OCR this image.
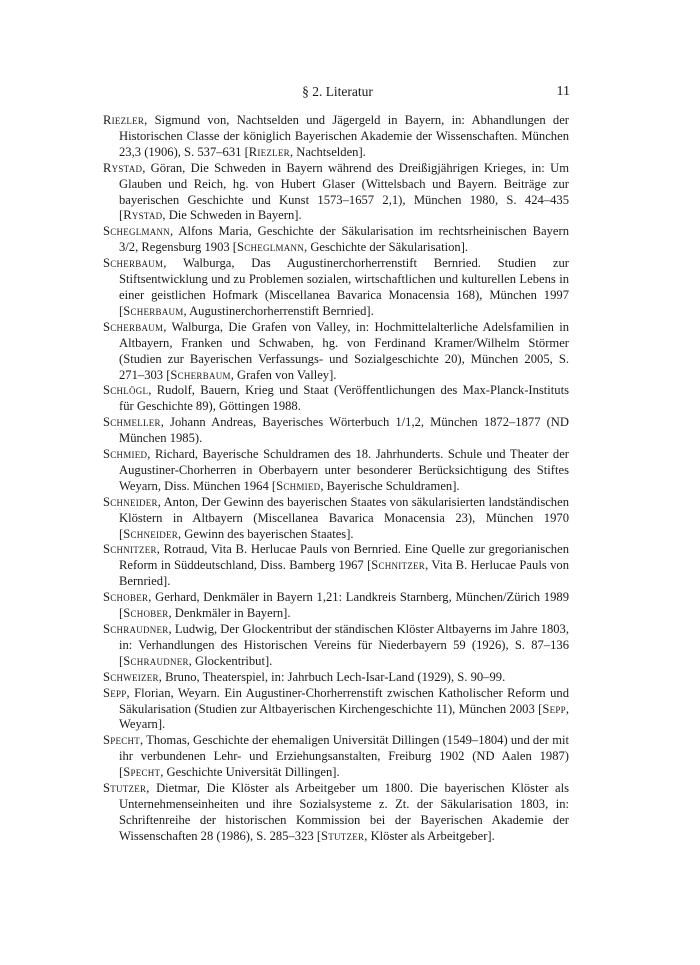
§ 2. Literatur	11

Riezler, Sigmund von, Nachtselden und Jägergeld in Bayern, in: Abhandlungen der Historischen Classe der königlich Bayerischen Akademie der Wissenschaften. München 23,3 (1906), S. 537–631 [Riezler, Nachtselden].

Rystad, Göran, Die Schweden in Bayern während des Dreißigjährigen Krieges, in: Um Glauben und Reich, hg. von Hubert Glaser (Wittelsbach und Bayern. Beiträge zur bayerischen Geschichte und Kunst 1573–1657 2,1), München 1980, S. 424–435 [Rystad, Die Schweden in Bayern].

Scheglmann, Alfons Maria, Geschichte der Säkularisation im rechtsrheinischen Bayern 3/2, Regensburg 1903 [Scheglmann, Geschichte der Säkularisation].

Scherbaum, Walburga, Das Augustinerchorherrenstift Bernried. Studien zur Stiftsentwicklung und zu Problemen sozialen, wirtschaftlichen und kulturellen Lebens in einer geistlichen Hofmark (Miscellanea Bavarica Monacensia 168), München 1997 [Scherbaum, Augustinerchorherrenstift Bernried].

Scherbaum, Walburga, Die Grafen von Valley, in: Hochmittelalterliche Adelsfamilien in Altbayern, Franken und Schwaben, hg. von Ferdinand Kramer/Wilhelm Störmer (Studien zur Bayerischen Verfassungs- und Sozialgeschichte 20), München 2005, S. 271–303 [Scherbaum, Grafen von Valley].

Schlögl, Rudolf, Bauern, Krieg und Staat (Veröffentlichungen des Max-Planck-Instituts für Geschichte 89), Göttingen 1988.

Schmeller, Johann Andreas, Bayerisches Wörterbuch 1/1,2, München 1872–1877 (ND München 1985).

Schmied, Richard, Bayerische Schuldramen des 18. Jahrhunderts. Schule und Theater der Augustiner-Chorherren in Oberbayern unter besonderer Berücksichtigung des Stiftes Weyarn, Diss. München 1964 [Schmied, Bayerische Schuldramen].

Schneider, Anton, Der Gewinn des bayerischen Staates von säkularisierten landständischen Klöstern in Altbayern (Miscellanea Bavarica Monacensia 23), München 1970 [Schneider, Gewinn des bayerischen Staates].

Schnitzer, Rotraud, Vita B. Herlucae Pauls von Bernried. Eine Quelle zur gregorianischen Reform in Süddeutschland, Diss. Bamberg 1967 [Schnitzer, Vita B. Herlucae Pauls von Bernried].

Schober, Gerhard, Denkmäler in Bayern 1,21: Landkreis Starnberg, München/Zürich 1989 [Schober, Denkmäler in Bayern].

Schraudner, Ludwig, Der Glockentribut der ständischen Klöster Altbayerns im Jahre 1803, in: Verhandlungen des Historischen Vereins für Niederbayern 59 (1926), S. 87–136 [Schraudner, Glockentribut].

Schweizer, Bruno, Theaterspiel, in: Jahrbuch Lech-Isar-Land (1929), S. 90–99.

Sepp, Florian, Weyarn. Ein Augustiner-Chorherrenstift zwischen Katholischer Reform und Säkularisation (Studien zur Altbayerischen Kirchengeschichte 11), München 2003 [Sepp, Weyarn].

Specht, Thomas, Geschichte der ehemaligen Universität Dillingen (1549–1804) und der mit ihr verbundenen Lehr- und Erziehungsanstalten, Freiburg 1902 (ND Aalen 1987) [Specht, Geschichte Universität Dillingen].

Stutzer, Dietmar, Die Klöster als Arbeitgeber um 1800. Die bayerischen Klöster als Unternehmenseinheiten und ihre Sozialsysteme z. Zt. der Säkularisation 1803, in: Schriftenreihe der historischen Kommission bei der Bayerischen Akademie der Wissenschaften 28 (1986), S. 285–323 [Stutzer, Klöster als Arbeitgeber].
